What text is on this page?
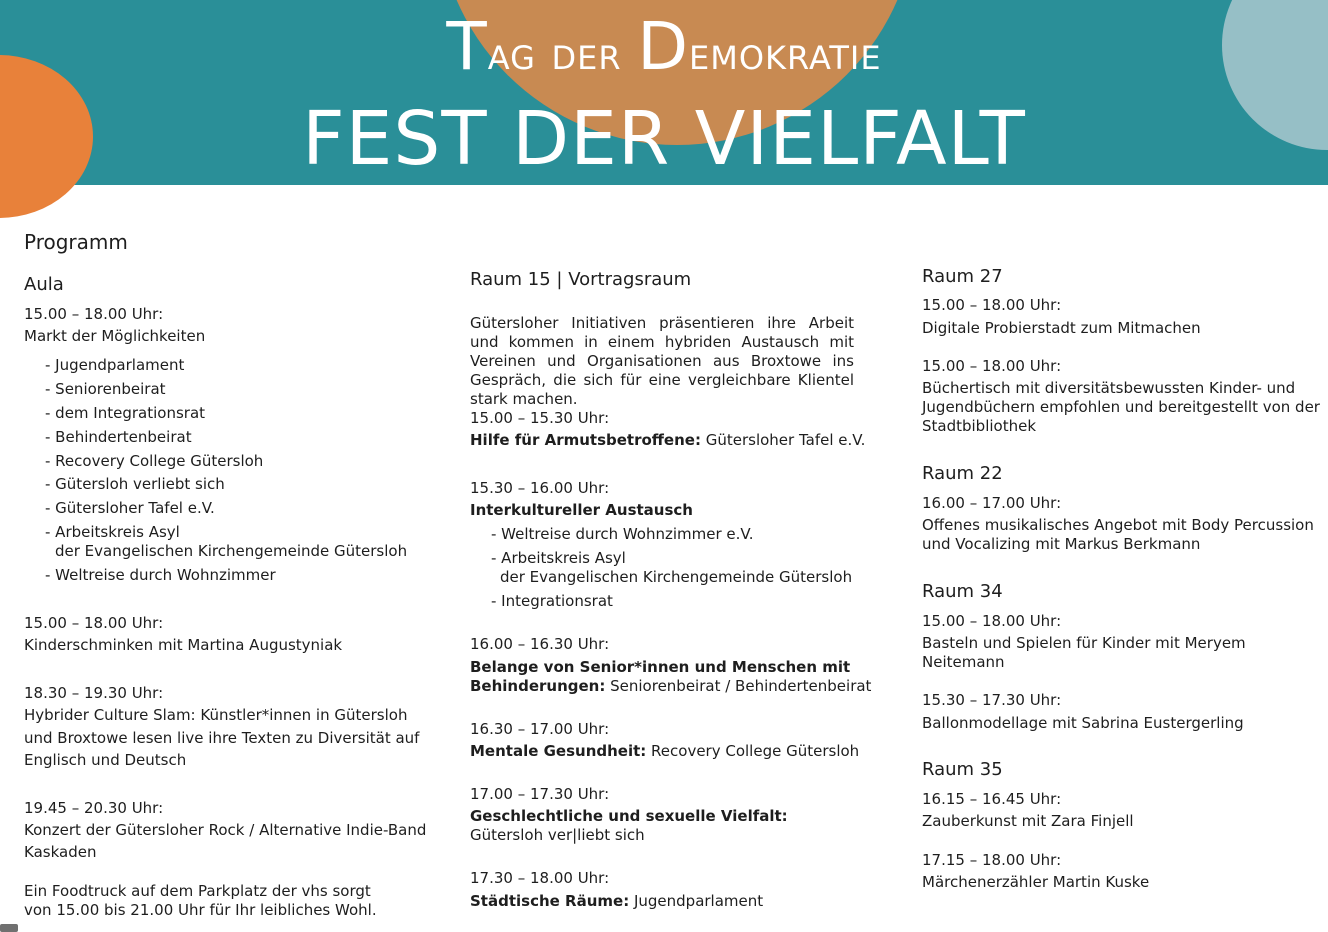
Tag der Demokratie
FEST DER VIELFALT
Programm
Aula
15.00 – 18.00 Uhr:
Markt der Möglichkeiten
- Jugendparlament
- Seniorenbeirat
- dem Integrationsrat
- Behindertenbeirat
- Recovery College Gütersloh
- Gütersloh verliebt sich
- Gütersloher Tafel e.V.
- Arbeitskreis Asyl
der Evangelischen Kirchengemeinde Gütersloh
- Weltreise durch Wohnzimmer
15.00 – 18.00 Uhr:
Kinderschminken mit Martina Augustyniak
18.30 – 19.30 Uhr:
Hybrider Culture Slam: Künstler*innen in Gütersloh
und Broxtowe lesen live ihre Texten zu Diversität auf
Englisch und Deutsch
19.45 – 20.30 Uhr:
Konzert der Gütersloher Rock / Alternative Indie-Band
Kaskaden
Ein Foodtruck auf dem Parkplatz der vhs sorgt
von 15.00 bis 21.00 Uhr für Ihr leibliches Wohl.
Raum 15 | Vortragsraum
Gütersloher Initiativen präsentieren ihre Arbeit und kommen in einem hybriden Austausch mit Vereinen und Organisationen aus Broxtowe ins Gespräch, die sich für eine vergleichbare Klientel stark machen.
15.00 – 15.30 Uhr:
Hilfe für Armutsbetroffene: Gütersloher Tafel e.V.
15.30 – 16.00 Uhr:
Interkultureller Austausch
- Weltreise durch Wohnzimmer e.V.
- Arbeitskreis Asyl
der Evangelischen Kirchengemeinde Gütersloh
- Integrationsrat
16.00 – 16.30 Uhr:
Belange von Senior*innen und Menschen mit
Behinderungen: Seniorenbeirat / Behindertenbeirat
16.30 – 17.00 Uhr:
Mentale Gesundheit: Recovery College Gütersloh
17.00 – 17.30 Uhr:
Geschlechtliche und sexuelle Vielfalt:
Gütersloh ver|liebt sich
17.30 – 18.00 Uhr:
Städtische Räume: Jugendparlament
Raum 27
15.00 – 18.00 Uhr:
Digitale Probierstadt zum Mitmachen
15.00 – 18.00 Uhr:
Büchertisch mit diversitätsbewussten Kinder- und
Jugendbüchern empfohlen und bereitgestellt von der
Stadtbibliothek
Raum 22
16.00 – 17.00 Uhr:
Offenes musikalisches Angebot mit Body Percussion
und Vocalizing mit Markus Berkmann
Raum 34
15.00 – 18.00 Uhr:
Basteln und Spielen für Kinder mit Meryem
Neitemann
15.30 – 17.30 Uhr:
Ballonmodellage mit Sabrina Eustergerling
Raum 35
16.15 – 16.45 Uhr:
Zauberkunst mit Zara Finjell
17.15 – 18.00 Uhr:
Märchenerzähler Martin Kuske
